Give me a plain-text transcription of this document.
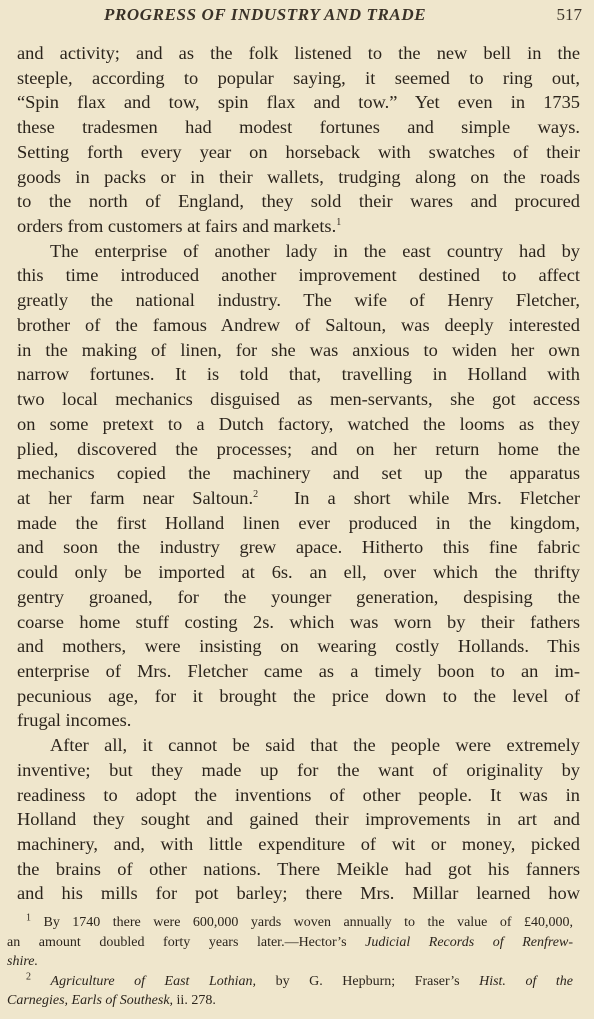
PROGRESS OF INDUSTRY AND TRADE	517
and activity; and as the folk listened to the new bell in the
steeple, according to popular saying, it seemed to ring out,
“Spin flax and tow, spin flax and tow.” Yet even in 1735
these tradesmen had modest fortunes and simple ways.
Setting forth every year on horseback with swatches of their
goods in packs or in their wallets, trudging along on the roads
to the north of England, they sold their wares and procured
orders from customers at fairs and markets.$^1$
The enterprise of another lady in the east country had by
this time introduced another improvement destined to affect
greatly the national industry. The wife of Henry Fletcher,
brother of the famous Andrew of Saltoun, was deeply interested
in the making of linen, for she was anxious to widen her own
narrow fortunes. It is told that, travelling in Holland with
two local mechanics disguised as men-servants, she got access
on some pretext to a Dutch factory, watched the looms as they
plied, discovered the processes; and on her return home the
mechanics copied the machinery and set up the apparatus
at her farm near Saltoun.$^2$ In a short while Mrs. Fletcher
made the first Holland linen ever produced in the kingdom,
and soon the industry grew apace. Hitherto this fine fabric
could only be imported at 6s. an ell, over which the thrifty
gentry groaned, for the younger generation, despising the
coarse home stuff costing 2s. which was worn by their fathers
and mothers, were insisting on wearing costly Hollands. This
enterprise of Mrs. Fletcher came as a timely boon to an im-
pecunious age, for it brought the price down to the level of
frugal incomes.
After all, it cannot be said that the people were extremely
inventive; but they made up for the want of originality by
readiness to adopt the inventions of other people. It was in
Holland they sought and gained their improvements in art and
machinery, and, with little expenditure of wit or money, picked
the brains of other nations. There Meikle had got his fanners
and his mills for pot barley; there Mrs. Millar learned how
$^1$ By 1740 there were 600,000 yards woven annually to the value of £40,000,
an amount doubled forty years later.—Hector’s Judicial Records of Renfrew-
shire.
$^2$ Agriculture of East Lothian, by G. Hepburn; Fraser’s Hist. of the
Carnegies, Earls of Southesk, ii. 278.
